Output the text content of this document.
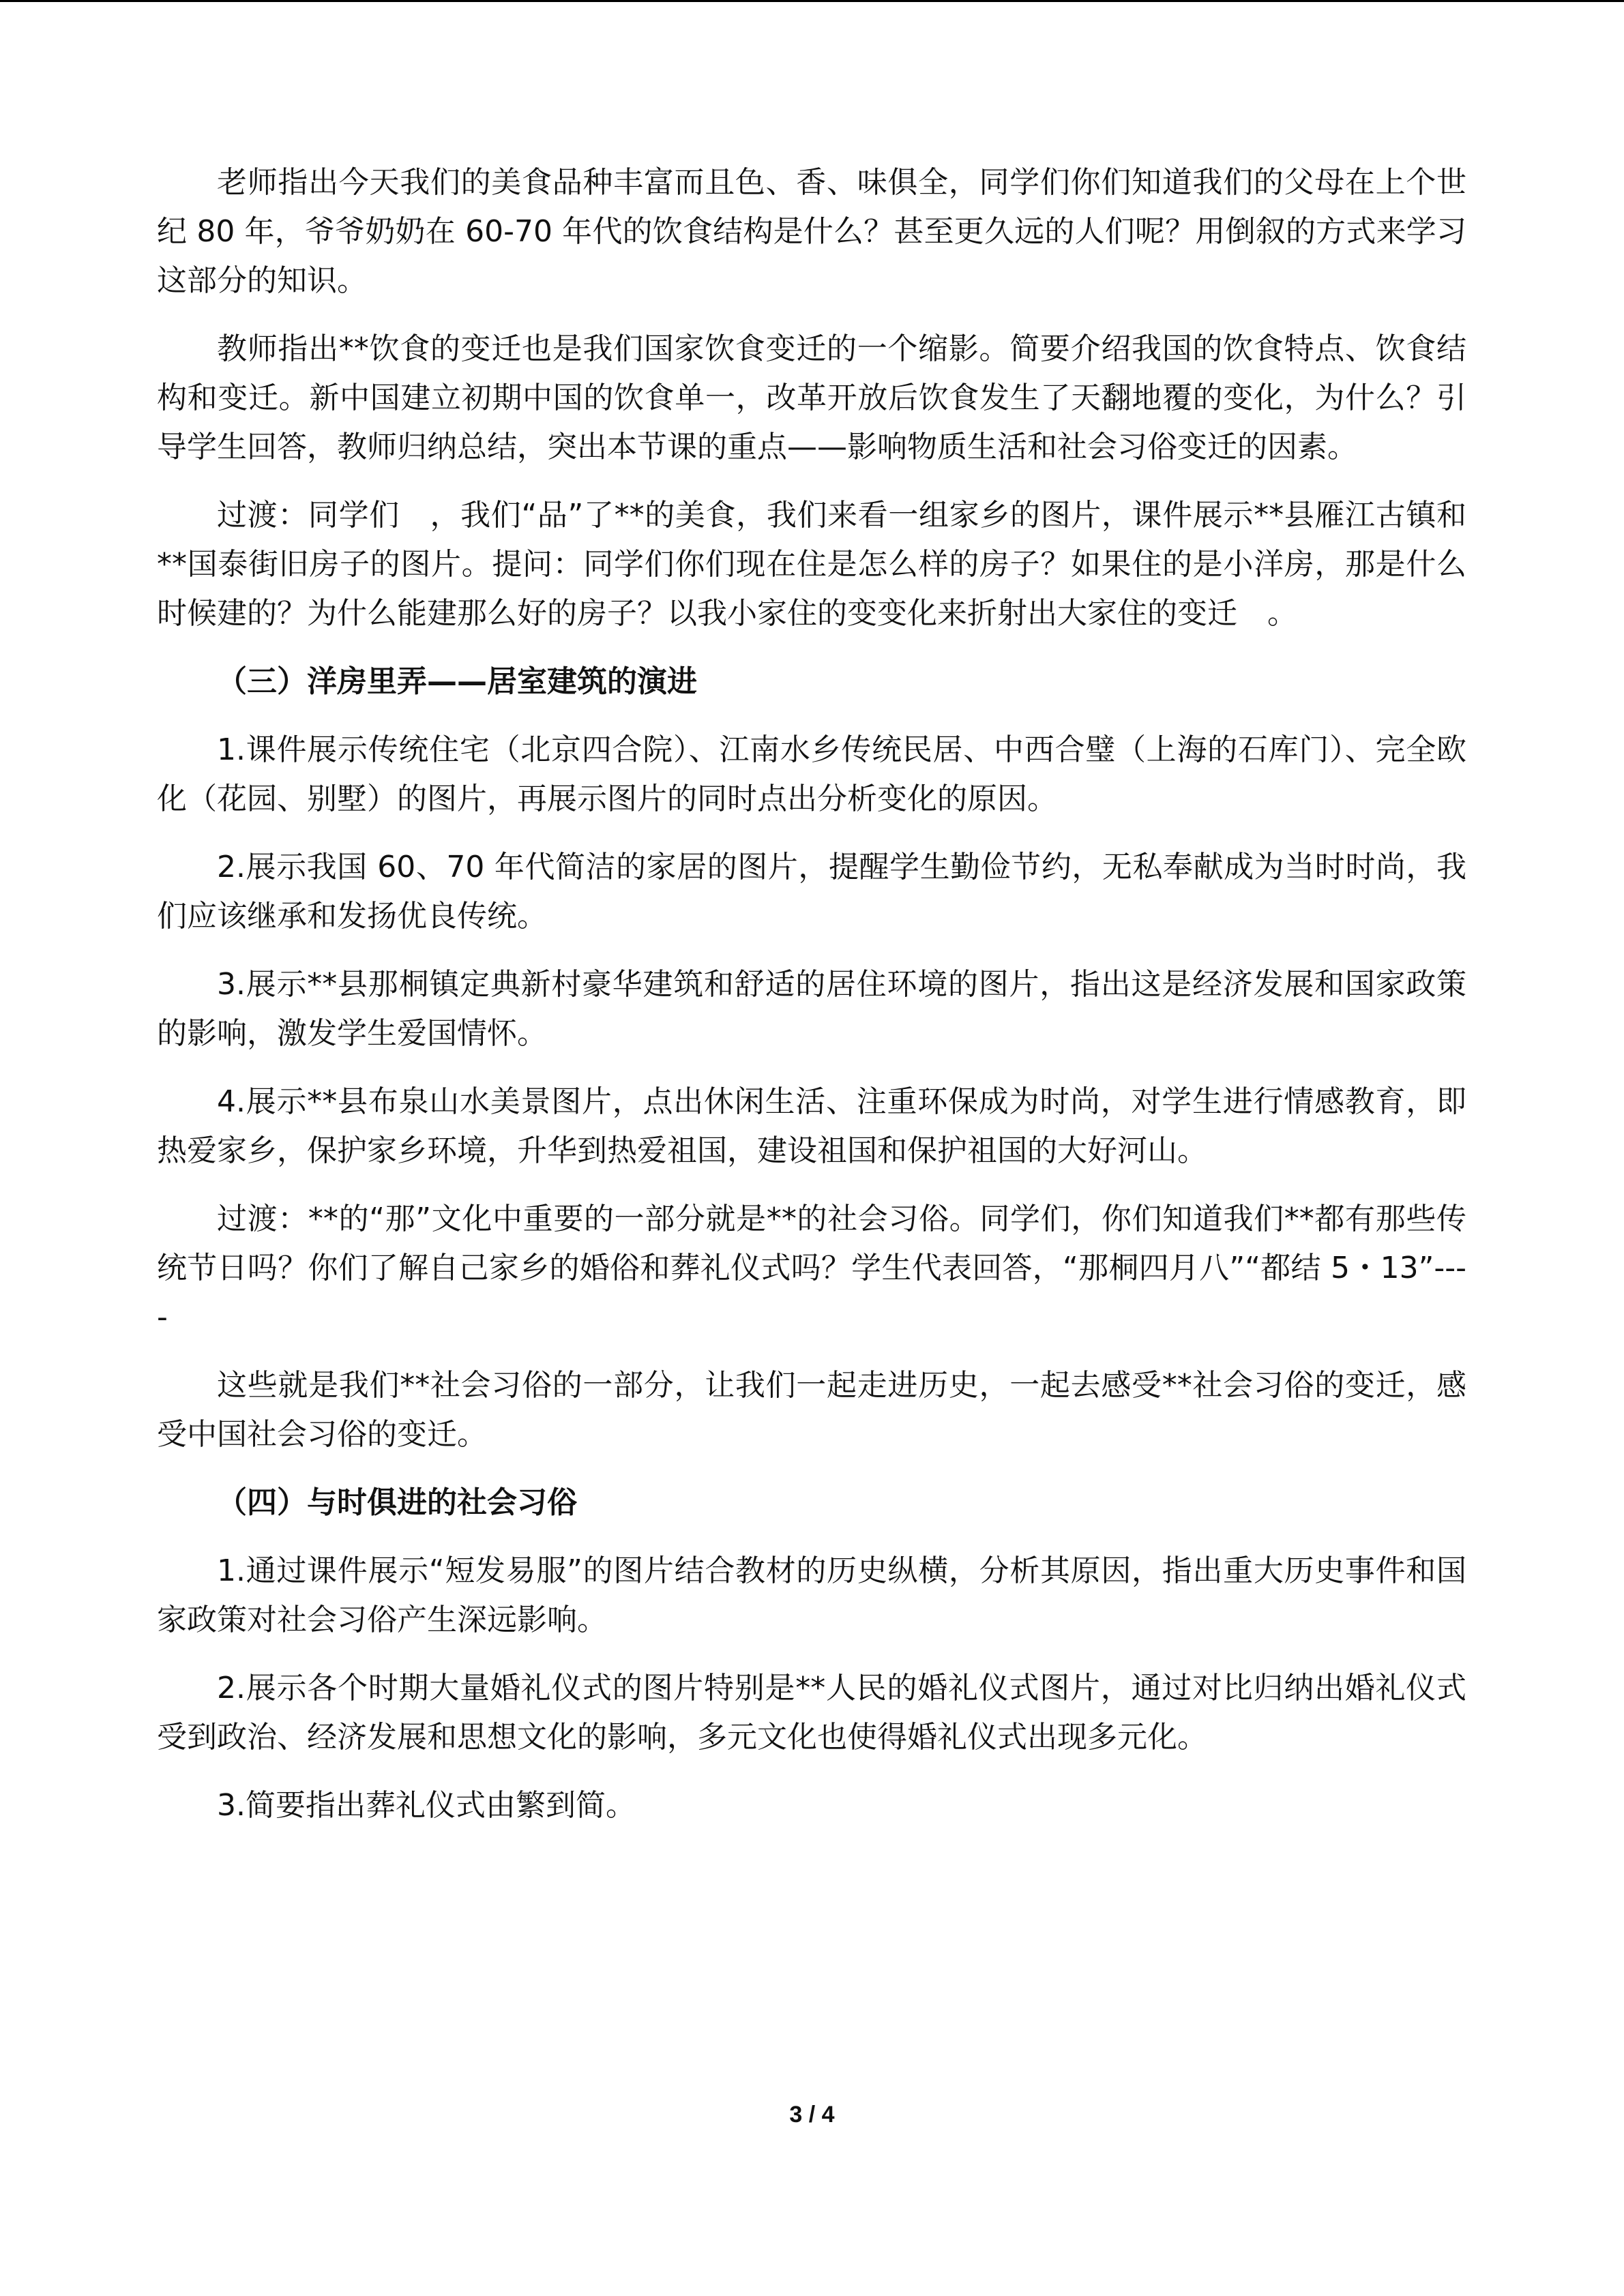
老师指出今天我们的美食品种丰富而且色、香、味俱全，同学们你们知道我们的父母在上个世纪 80 年，爷爷奶奶在 60-70 年代的饮食结构是什么？甚至更久远的人们呢？用倒叙的方式来学习这部分的知识。

教师指出**饮食的变迁也是我们国家饮食变迁的一个缩影。简要介绍我国的饮食特点、饮食结构和变迁。新中国建立初期中国的饮食单一，改革开放后饮食发生了天翻地覆的变化，为什么？引导学生回答，教师归纳总结，突出本节课的重点——影响物质生活和社会习俗变迁的因素。

过渡：同学们　，我们“品”了**的美食，我们来看一组家乡的图片，课件展示**县雁江古镇和**国泰街旧房子的图片。提问：同学们你们现在住是怎么样的房子？如果住的是小洋房，那是什么时候建的？为什么能建那么好的房子？以我小家住的变变化来折射出大家住的变迁　。

（三）洋房里弄——居室建筑的演进

1.课件展示传统住宅（北京四合院）、江南水乡传统民居、中西合璧（上海的石库门）、完全欧化（花园、别墅）的图片，再展示图片的同时点出分析变化的原因。

2.展示我国 60、70 年代简洁的家居的图片，提醒学生勤俭节约，无私奉献成为当时时尚，我们应该继承和发扬优良传统。

3.展示**县那桐镇定典新村豪华建筑和舒适的居住环境的图片，指出这是经济发展和国家政策的影响，激发学生爱国情怀。

4.展示**县布泉山水美景图片，点出休闲生活、注重环保成为时尚，对学生进行情感教育，即热爱家乡，保护家乡环境，升华到热爱祖国，建设祖国和保护祖国的大好河山。

过渡：**的“那”文化中重要的一部分就是**的社会习俗。同学们，你们知道我们**都有那些传统节日吗？你们了解自己家乡的婚俗和葬礼仪式吗？学生代表回答，“那桐四月八”“都结 5・13”----

这些就是我们**社会习俗的一部分，让我们一起走进历史，一起去感受**社会习俗的变迁，感受中国社会习俗的变迁。

（四）与时俱进的社会习俗

1.通过课件展示“短发易服”的图片结合教材的历史纵横，分析其原因，指出重大历史事件和国家政策对社会习俗产生深远影响。

2.展示各个时期大量婚礼仪式的图片特别是**人民的婚礼仪式图片，通过对比归纳出婚礼仪式受到政治、经济发展和思想文化的影响，多元文化也使得婚礼仪式出现多元化。

3.简要指出葬礼仪式由繁到简。

3 / 4
